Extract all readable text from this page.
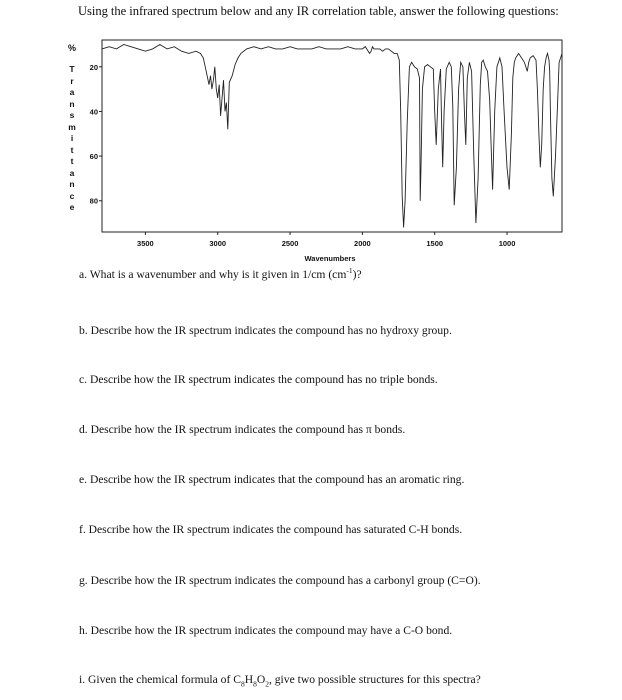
Using the infrared spectrum below and any IR correlation table, answer the following questions:
%
T
r
a
n
s
m
i
t
t
a
n
c
e
80
60
40
20
3500	3000	2500	2000	1500	1000
Wavenumbers
a. What is a wavenumber and why is it given in 1/cm $(cm^{-1})$?
b. Describe how the IR spectrum indicates the compound has no hydroxy group.
c. Describe how the IR spectrum indicates the compound has no triple bonds.
d. Describe how the IR spectrum indicates the compound has π bonds.
e. Describe how the IR spectrum indicates that the compound has an aromatic ring.
f. Describe how the IR spectrum indicates the compound has saturated C-H bonds.
g. Describe how the IR spectrum indicates the compound has a carbonyl group (C=O).
h. Describe how the IR spectrum indicates the compound may have a C-O bond.
i. Given the chemical formula of $C_8H_8O_2$, give two possible structures for this spectra?
